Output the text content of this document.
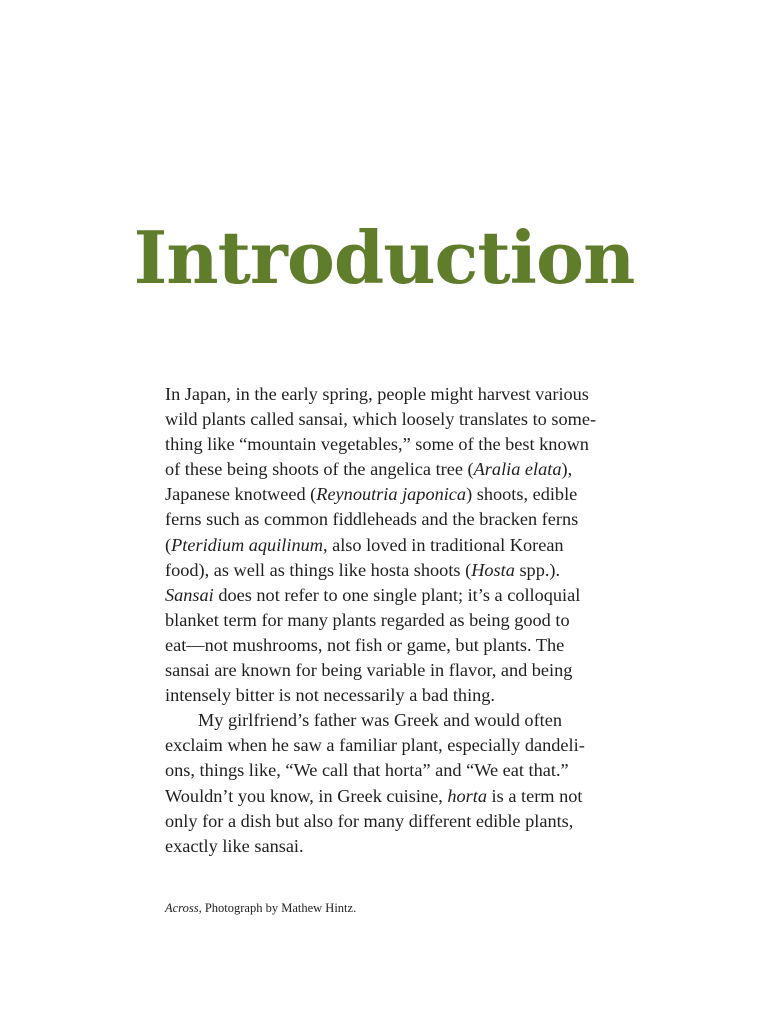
Introduction
In Japan, in the early spring, people might harvest various
wild plants called sansai, which loosely translates to some-
thing like “mountain vegetables,” some of the best known
of these being shoots of the angelica tree (Aralia elata),
Japanese knotweed (Reynoutria japonica) shoots, edible
ferns such as common fiddleheads and the bracken ferns
(Pteridium aquilinum, also loved in traditional Korean
food), as well as things like hosta shoots (Hosta spp.).
Sansai does not refer to one single plant; it’s a colloquial
blanket term for many plants regarded as being good to
eat—not mushrooms, not fish or game, but plants. The
sansai are known for being variable in flavor, and being
intensely bitter is not necessarily a bad thing.
My girlfriend’s father was Greek and would often
exclaim when he saw a familiar plant, especially dandeli-
ons, things like, “We call that horta” and “We eat that.”
Wouldn’t you know, in Greek cuisine, horta is a term not
only for a dish but also for many different edible plants,
exactly like sansai.

Across, Photograph by Mathew Hintz.
